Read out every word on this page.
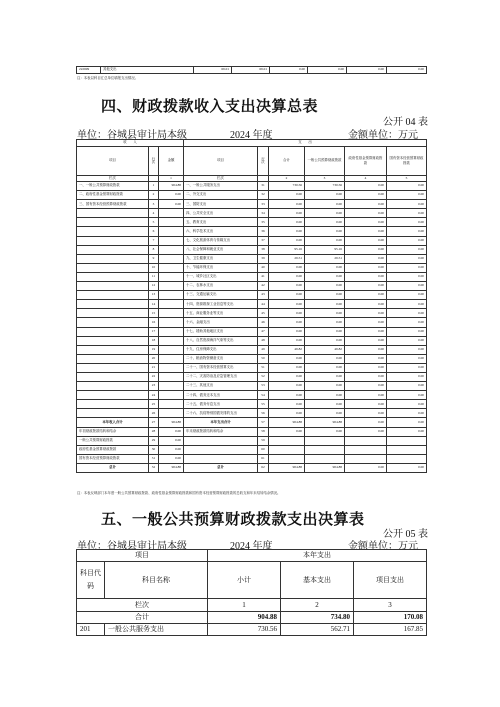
222699	其他支出	69.01	69.01	0.00	0.00	0.00	0.00
注：本表以科目汇总单位填报支出情况。
四、财政拨款收入支出决算总表
公开 04 表
单位：谷城县审计局本级	2024 年度	金额单位：万元
收　　入			支　　出					
项目	行次	金额	项目	行次	合计	一般公共预算财政拨款	政府性基金预算财政拨款	国有资本经营预算财政拨款
栏次		1	栏次		2	3	4	5
一、一般公共预算财政拨款	1	904.88	一、一般公共服务支出	31	730.56	730.56	0.00	0.00
二、政府性基金预算财政拨款	2	0.00	二、外交支出	32	0.00	0.00	0.00	0.00
三、国有资本经营预算财政拨款	3	0.00	三、国防支出	33	0.00	0.00	0.00	0.00
	4		四、公共安全支出	34	0.00	0.00	0.00	0.00
	5		五、教育支出	35	0.00	0.00	0.00	0.00
	6		六、科学技术支出	36	0.00	0.00	0.00	0.00
	7		七、文化旅游体育与传媒支出	37	0.00	0.00	0.00	0.00
	8		八、社会保障和就业支出	38	95.16	95.16	0.00	0.00
	9		九、卫生健康支出	39	29.51	29.51	0.00	0.00
	10		十、节能环保支出	40	0.00	0.00	0.00	0.00
	11		十一、城乡社区支出	41	0.00	0.00	0.00	0.00
	12		十二、农林水支出	42	0.00	0.00	0.00	0.00
	13		十三、交通运输支出	43	0.00	0.00	0.00	0.00
	14		十四、资源勘探工业信息等支出	44	0.00	0.00	0.00	0.00
	15		十五、商业服务业等支出	45	0.00	0.00	0.00	0.00
	16		十六、金融支出	46	0.00	0.00	0.00	0.00
	17		十七、援助其他地区支出	47	0.00	0.00	0.00	0.00
	18		十八、自然资源海洋气象等支出	48	0.00	0.00	0.00	0.00
	19		十九、住房保障支出	49	49.82	49.82	0.00	0.00
	20		二十、粮油物资储备支出	50	0.00	0.00	0.00	0.00
	21		二十一、国有资本经营预算支出	51	0.00	0.00	0.00	0.00
	22		二十二、灾害防治及应急管理支出	52	0.00	0.00	0.00	0.00
	23		二十三、其他支出	53	0.00	0.00	0.00	0.00
	24		二十四、债务还本支出	54	0.00	0.00	0.00	0.00
	25		二十五、债务付息支出	55	0.00	0.00	0.00	0.00
	26		二十六、抗疫特别国债安排的支出	56	0.00	0.00	0.00	0.00
本年收入合计	27	904.88	本年支出合计	57	904.88	904.88	0.00	0.00
年初财政拨款结转和结余	28	0.00	年末财政拨款结转和结余	58	0.00	0.00	0.00	0.00
一般公共预算财政拨款	29	0.00		59				
政府性基金预算财政拨款	30	0.00		60				
国有资本经营预算财政拨款	31	0.00		61				
总计	32	904.88	总计	62	904.88	904.88	0.00	0.00
注：本表反映部门本年度一般公共预算财政拨款、政府性基金预算财政拨款和国有资本经营预算财政拨款的总收支和年末结转结余情况。
五、一般公共预算财政拨款支出决算表
公开 05 表
单位：谷城县审计局本级	2024 年度	金额单位：万元
项目		本年支出		
科目代码	科目名称	小计	基本支出	项目支出
栏次		1	2	3
合计		904.88	734.80	170.08
201	一般公共服务支出	730.56	562.71	167.85
